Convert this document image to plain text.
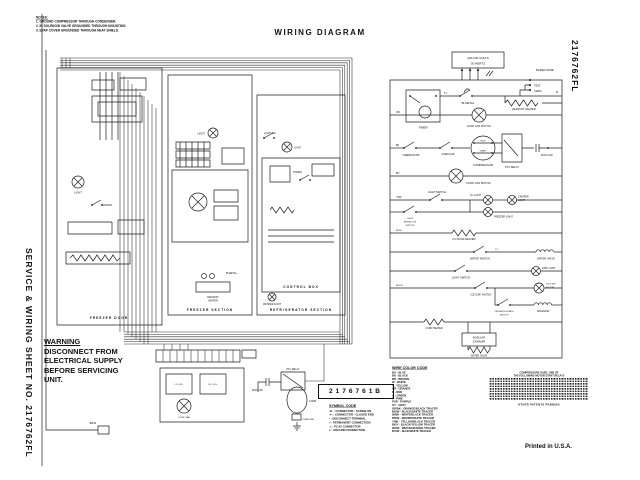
WIRING DIAGRAM
NOTES:
1. GROUND COMPRESSOR THROUGH CONDENSER.
2. IN SOLENOID VALVE GROUNDED THROUGH MOUNTING.
3. EVAP COVER GROUNDED THROUGH HEAT SHIELD.
SERVICE & WIRING SHEET NO. 2176762FL
2176762FL
WARNING
DISCONNECT FROM
ELECTRICAL SUPPLY
BEFORE SERVICING
UNIT.
2176761B
SYMBOL CODE
-O- : CONNECTOR - SCREW ON
-●- : CONNECTOR - CLOSED END
• : DISCONNECT TERMINAL
+ : PERMANENT CONNECTION
-< : PLUG CONNECTOR
≡ : GROUND CONNECTION
WIRE COLOR CODE
BU - BLUE
BK - BLACK
BR - BROWN
W - WHITE
Y - YELLOW
OR - ORANGE
R - RED
G - GREEN
P - PINK
PUR - PURPLE
GY - GRAY
OR/BK - ORANGE/BLACK TRACER
BK/W - BLACK/WHITE TRACER
W/BK - WHITE/BLACK TRACER
BR/W - BROWN/WHITE TRACER
Y/BK - YELLOW/BLACK TRACER
BK/Y - BLACK/YELLOW TRACER
W/OR - WHITE/ORANGE TRACER
BU/W - BLUE/WHITE TRACER
COMPRESSORS USED: ONE OF
THE FOLLOWING MOTOR START RELAYS
OTHER PATENTS PENDING
Printed in U.S.A.
BR/W
LIGHT
FREEZER DOOR
LIGHT
BI-METAL
DEFROST
HEATER
FREEZER SECTION
LIGHT SW
LIGHT
THERM.
CONTROL BOX
CRISPER LIGHT
REFRIGERATOR SECTION
I.D. SOL.	F.D. SOL.
COND. FAN
PTC RELAY
RUN CAP.
COMP.
OVERLOAD
220-240 VOLTS
50 HERTZ
BARED WIRE
TIMER
T1
BI-METAL
TEST
TERM
DEFROST HEATER
EVAP. FAN MOTOR
OR
THERMOSTAT	OVERLOAD
RUN
START
COMPRESSOR
PTC RELAY
RUN CAP.
BK
COND. FAN MOTOR
BU
LIGHT SWITCH
I.D. LIGHT	CRISPER
LIGHT
FREEZER LIGHT
Y/BK
LIGHT
INTERLOCK
SWITCH
FC DOOR HEATER
BK/W
WATER SWITCH
T3
WATER VALVE
LIGHT SWITCH
DISP. LIGHT
ICE DISP. SWITCH
BK/OR
ICE DISP.
MOTOR
CRUSHED/CUBED
SWITCH
SOLENOID
CORD HEATER
MODULAR
ICEMAKER
WATER VALVE
W
